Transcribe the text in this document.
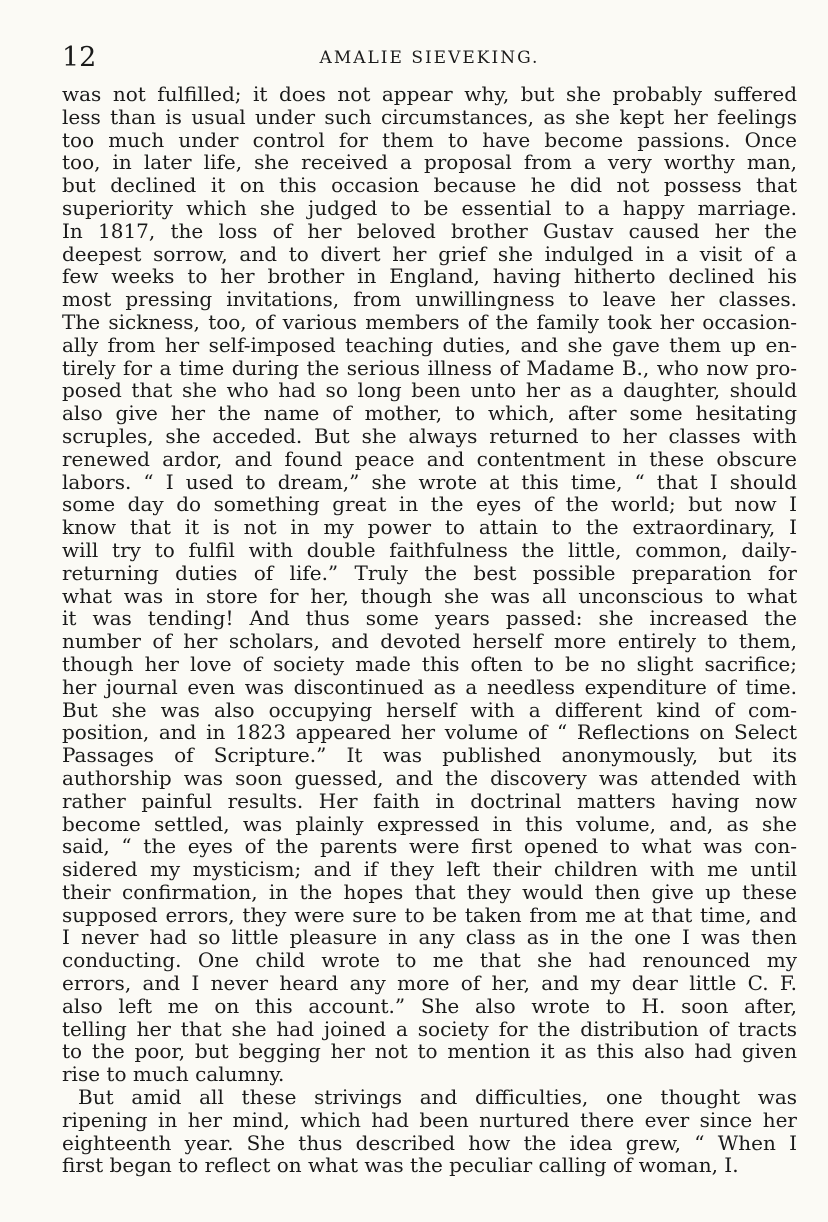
12	AMALIE SIEVEKING.
was not fulfilled; it does not appear why, but she probably suffered
less than is usual under such circumstances, as she kept her feelings
too much under control for them to have become passions. Once
too, in later life, she received a proposal from a very worthy man,
but declined it on this occasion because he did not possess that
superiority which she judged to be essential to a happy marriage.
In 1817, the loss of her beloved brother Gustav caused her the
deepest sorrow, and to divert her grief she indulged in a visit of a
few weeks to her brother in England, having hitherto declined his
most pressing invitations, from unwillingness to leave her classes.
The sickness, too, of various members of the family took her occasion-
ally from her self-imposed teaching duties, and she gave them up en-
tirely for a time during the serious illness of Madame B., who now pro-
posed that she who had so long been unto her as a daughter, should
also give her the name of mother, to which, after some hesitating
scruples, she acceded. But she always returned to her classes with
renewed ardor, and found peace and contentment in these obscure
labors. “ I used to dream,” she wrote at this time, “ that I should
some day do something great in the eyes of the world; but now I
know that it is not in my power to attain to the extraordinary, I
will try to fulfil with double faithfulness the little, common, daily-
returning duties of life.” Truly the best possible preparation for
what was in store for her, though she was all unconscious to what
it was tending! And thus some years passed: she increased the
number of her scholars, and devoted herself more entirely to them,
though her love of society made this often to be no slight sacrifice;
her journal even was discontinued as a needless expenditure of time.
But she was also occupying herself with a different kind of com-
position, and in 1823 appeared her volume of “ Reflections on Select
Passages of Scripture.” It was published anonymously, but its
authorship was soon guessed, and the discovery was attended with
rather painful results. Her faith in doctrinal matters having now
become settled, was plainly expressed in this volume, and, as she
said, “ the eyes of the parents were first opened to what was con-
sidered my mysticism; and if they left their children with me until
their confirmation, in the hopes that they would then give up these
supposed errors, they were sure to be taken from me at that time, and
I never had so little pleasure in any class as in the one I was then
conducting. One child wrote to me that she had renounced my
errors, and I never heard any more of her, and my dear little C. F.
also left me on this account.” She also wrote to H. soon after,
telling her that she had joined a society for the distribution of tracts
to the poor, but begging her not to mention it as this also had given
rise to much calumny.
But amid all these strivings and difficulties, one thought was
ripening in her mind, which had been nurtured there ever since her
eighteenth year. She thus described how the idea grew, “ When I
first began to reflect on what was the peculiar calling of woman, I.
